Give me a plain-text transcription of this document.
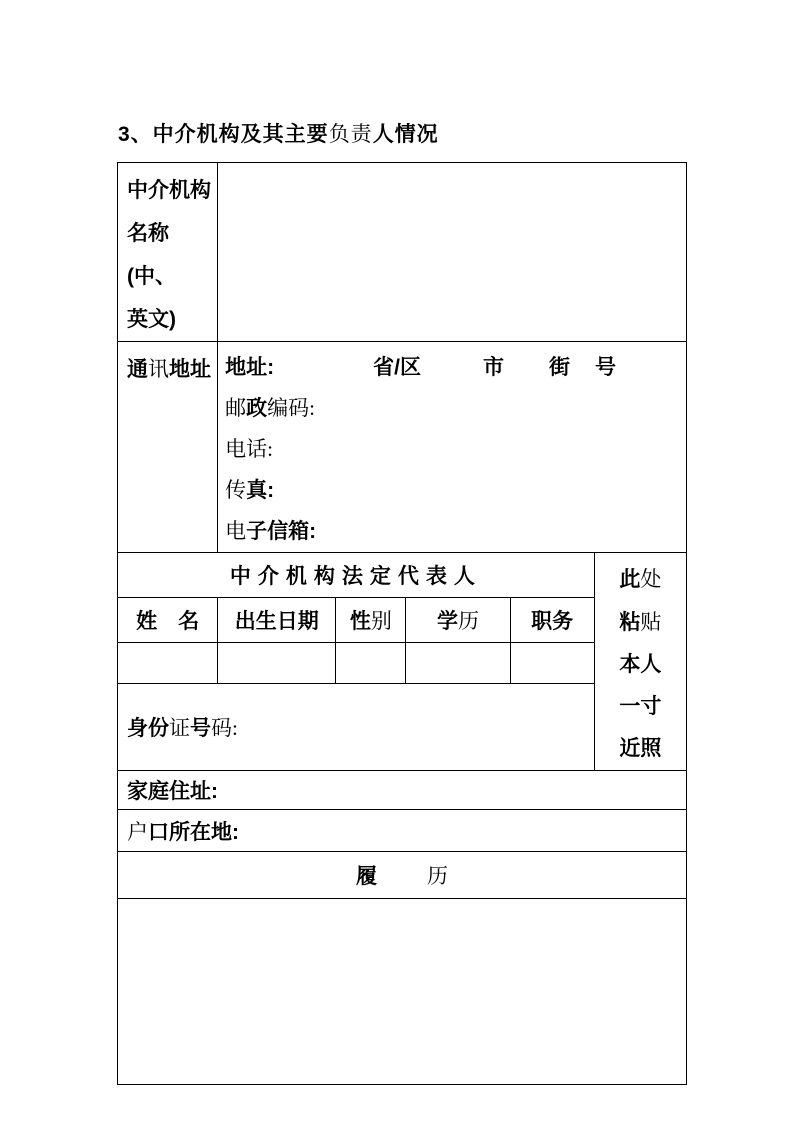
3、中介机构及其主要负责人情况
中介机构
名称(中、
英文)					

通讯地址	地址: 省/区 市 街 号
邮政编码:
电话:
传真:
电子信箱:				

中介机构法定代表人					此处
粘贴
本人
一寸
近照

姓　名	出生日期	性别	学历	职务	

身份证号码:					
家庭住址:					
户口所在地:					

履 历					
